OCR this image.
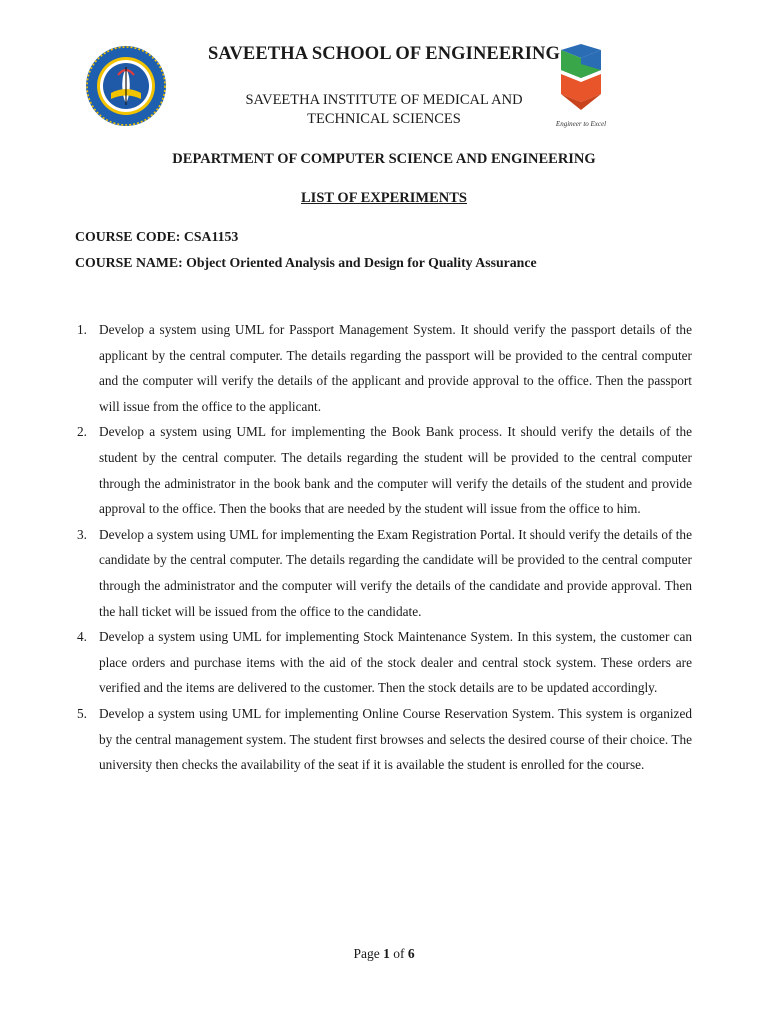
SAVEETHA SCHOOL OF ENGINEERING
SAVEETHA INSTITUTE OF MEDICAL AND
TECHNICAL SCIENCES	Engineer to Excel
DEPARTMENT OF COMPUTER SCIENCE AND ENGINEERING
LIST OF EXPERIMENTS
COURSE CODE: CSA1153
COURSE NAME: Object Oriented Analysis and Design for Quality Assurance
1. Develop a system using UML for Passport Management System. It should verify the passport details of the applicant by the central computer. The details regarding the passport will be provided to the central computer and the computer will verify the details of the applicant and provide approval to the office. Then the passport will issue from the office to the applicant.
2. Develop a system using UML for implementing the Book Bank process. It should verify the details of the student by the central computer. The details regarding the student will be provided to the central computer through the administrator in the book bank and the computer will verify the details of the student and provide approval to the office. Then the books that are needed by the student will issue from the office to him.
3. Develop a system using UML for implementing the Exam Registration Portal. It should verify the details of the candidate by the central computer. The details regarding the candidate will be provided to the central computer through the administrator and the computer will verify the details of the candidate and provide approval. Then the hall ticket will be issued from the office to the candidate.
4. Develop a system using UML for implementing Stock Maintenance System. In this system, the customer can place orders and purchase items with the aid of the stock dealer and central stock system. These orders are verified and the items are delivered to the customer. Then the stock details are to be updated accordingly.
5. Develop a system using UML for implementing Online Course Reservation System. This system is organized by the central management system. The student first browses and selects the desired course of their choice. The university then checks the availability of the seat if it is available the student is enrolled for the course.
Page 1 of 6
